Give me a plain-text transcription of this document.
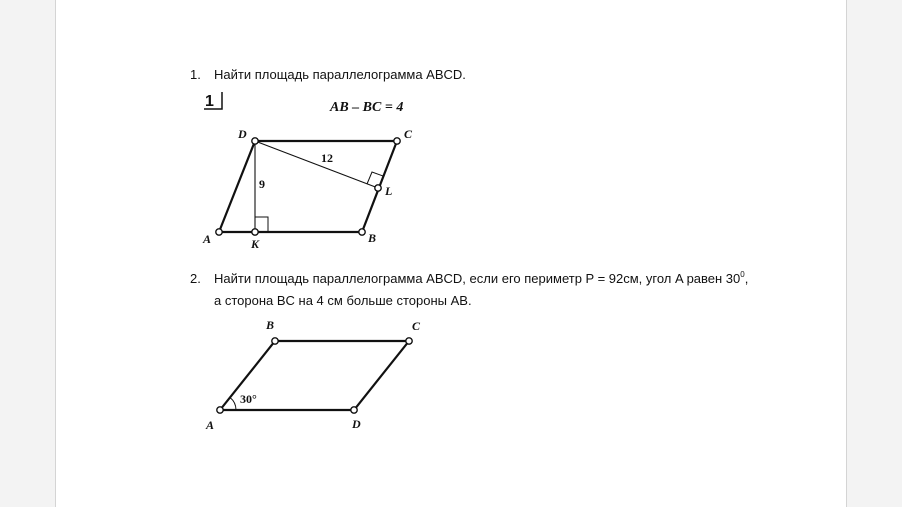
1. Найти площадь параллелограмма ABCD.
2. Найти площадь параллелограмма ABCD, если его периметр P = 92см, угол A равен $30^0$,
а сторона BC на 4 см больше стороны AB.
1	AB – BC = 4
D	C
A	K	B
L
9
12
B	C
A	D
30°
